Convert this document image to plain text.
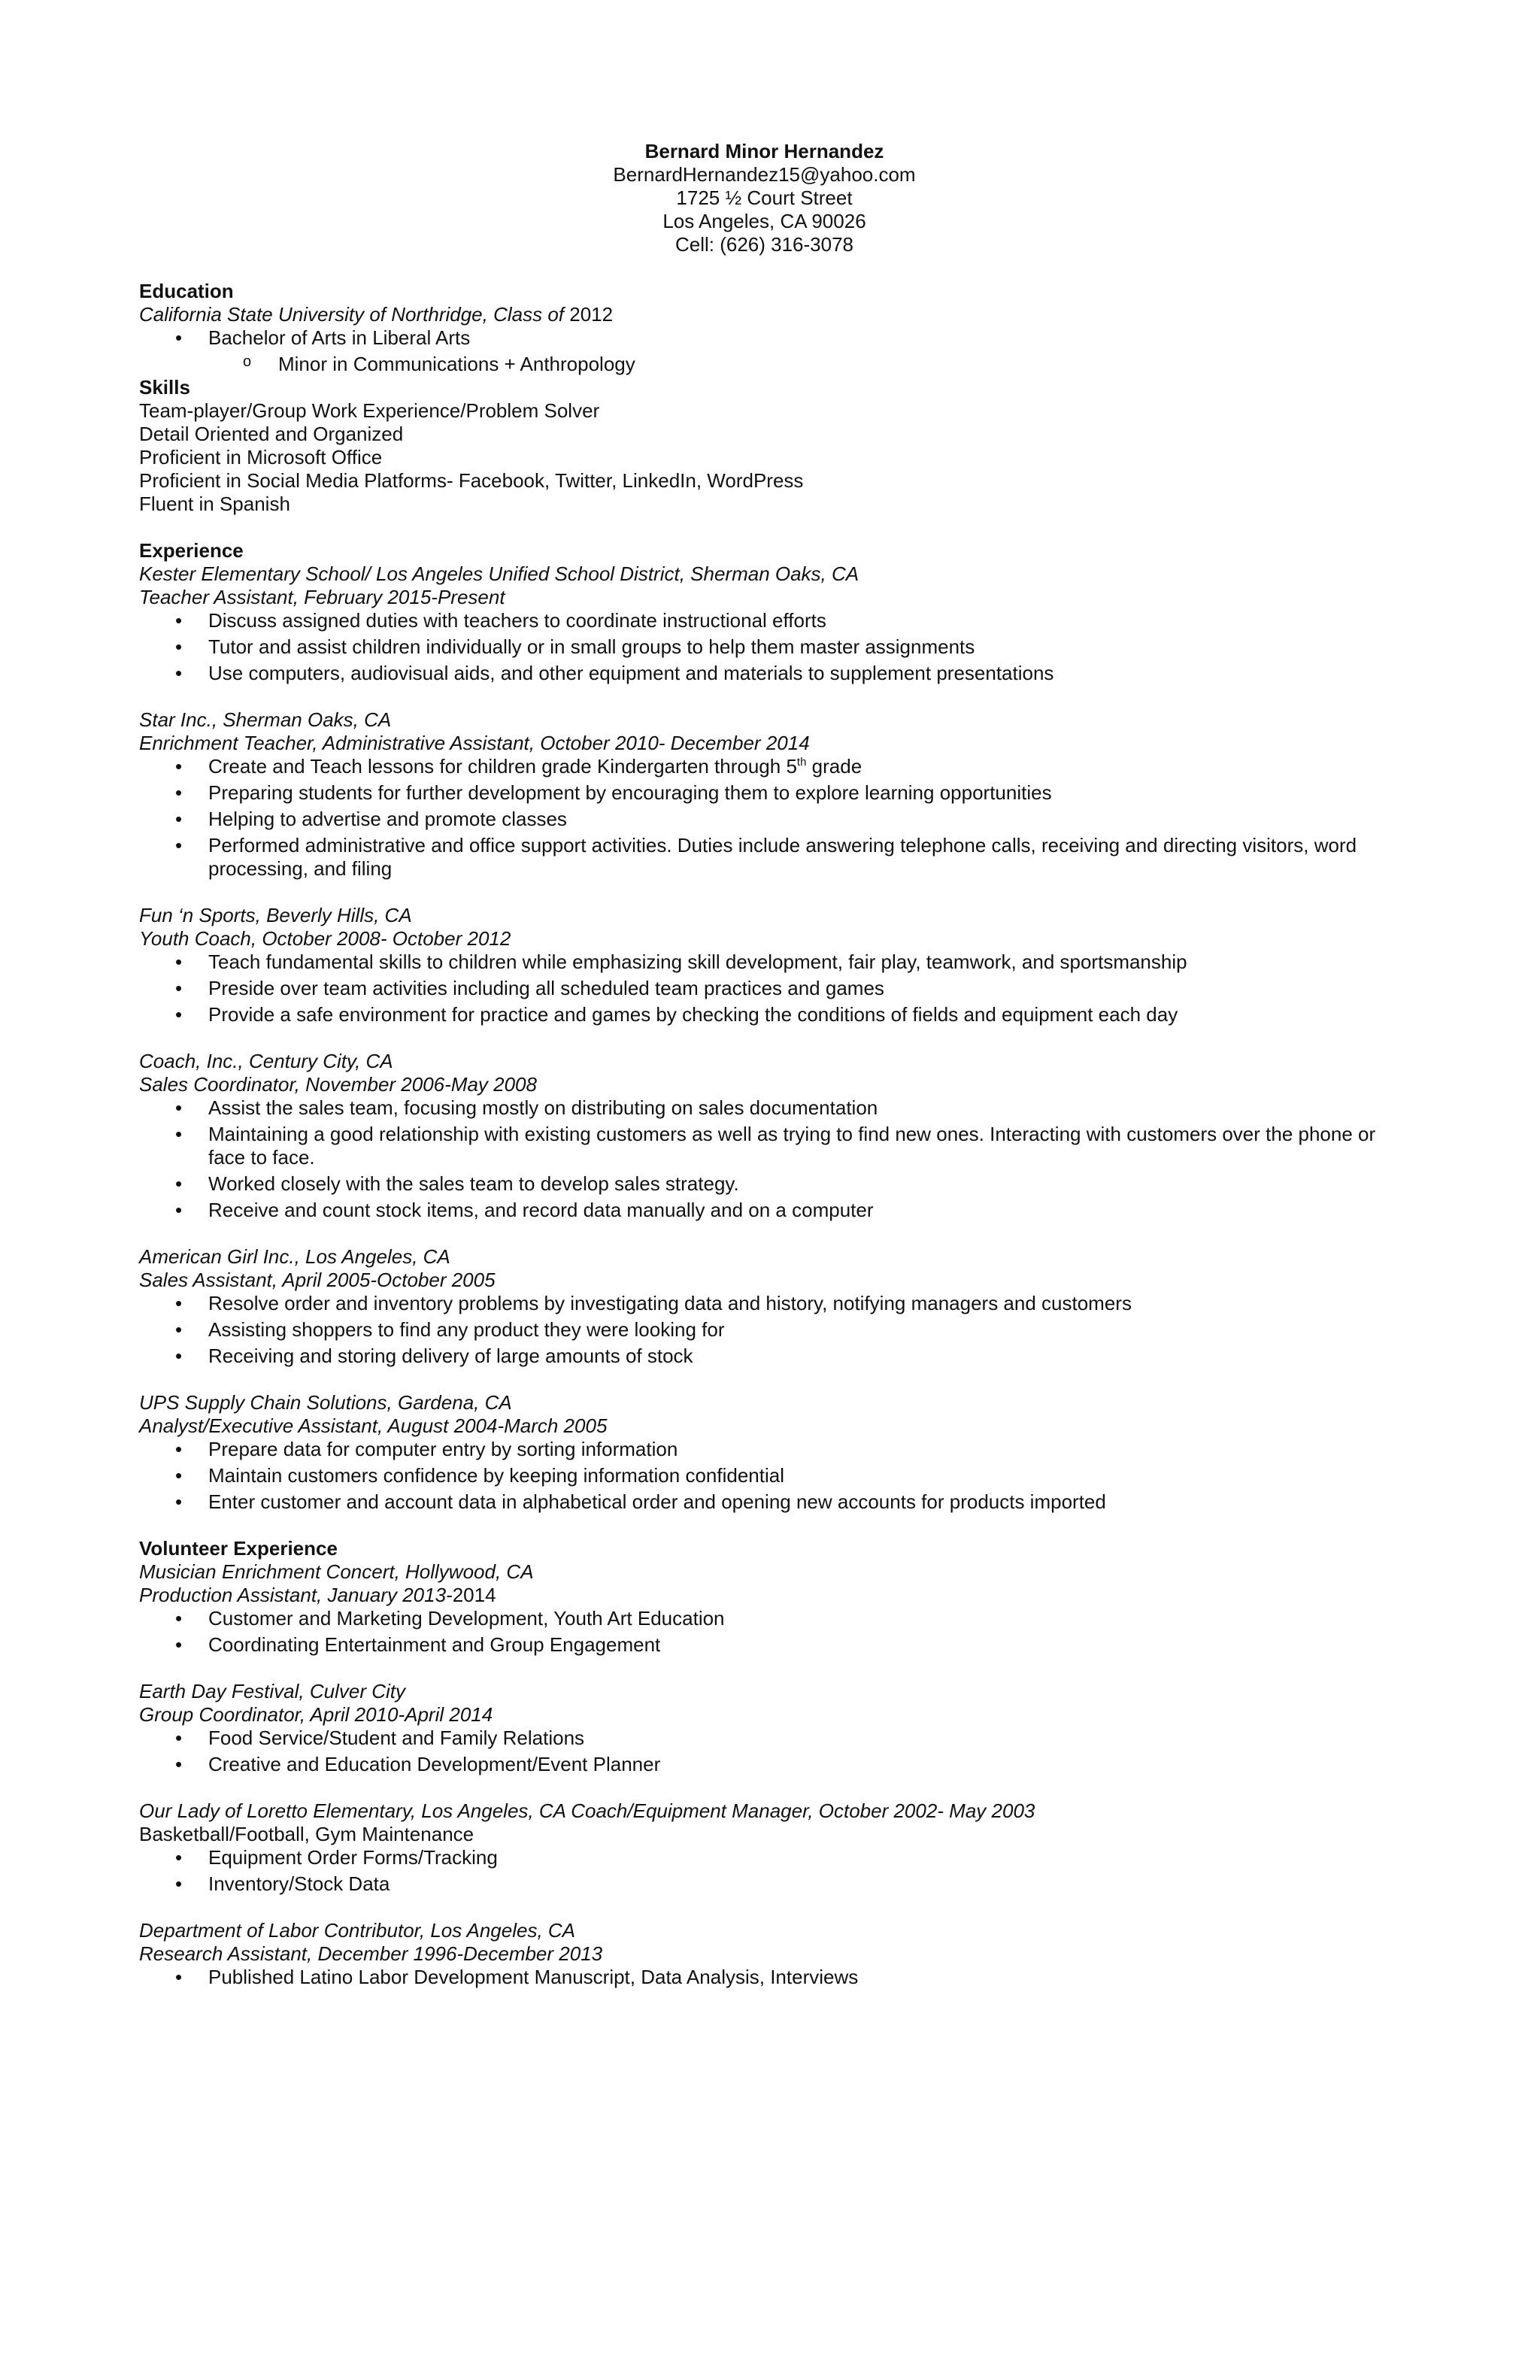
Bernard Minor Hernandez
BernardHernandez15@yahoo.com
1725 ½ Court Street
Los Angeles, CA 90026
Cell: (626) 316-3078
Education
California State University of Northridge, Class of 2012
• Bachelor of Arts in Liberal Arts
o Minor in Communications + Anthropology
Skills
Team-player/Group Work Experience/Problem Solver
Detail Oriented and Organized
Proficient in Microsoft Office
Proficient in Social Media Platforms- Facebook, Twitter, LinkedIn, WordPress
Fluent in Spanish
Experience
Kester Elementary School/ Los Angeles Unified School District, Sherman Oaks, CA
Teacher Assistant, February 2015-Present
• Discuss assigned duties with teachers to coordinate instructional efforts
• Tutor and assist children individually or in small groups to help them master assignments
• Use computers, audiovisual aids, and other equipment and materials to supplement presentations
Star Inc., Sherman Oaks, CA
Enrichment Teacher, Administrative Assistant, October 2010- December 2014
• Create and Teach lessons for children grade Kindergarten through 5th grade
• Preparing students for further development by encouraging them to explore learning opportunities
• Helping to advertise and promote classes
• Performed administrative and office support activities. Duties include answering telephone calls, receiving and directing visitors, word processing, and filing
Fun ‘n Sports, Beverly Hills, CA
Youth Coach, October 2008- October 2012
• Teach fundamental skills to children while emphasizing skill development, fair play, teamwork, and sportsmanship
• Preside over team activities including all scheduled team practices and games
• Provide a safe environment for practice and games by checking the conditions of fields and equipment each day
Coach, Inc., Century City, CA
Sales Coordinator, November 2006-May 2008
• Assist the sales team, focusing mostly on distributing on sales documentation
• Maintaining a good relationship with existing customers as well as trying to find new ones. Interacting with customers over the phone or face to face.
• Worked closely with the sales team to develop sales strategy.
• Receive and count stock items, and record data manually and on a computer
American Girl Inc., Los Angeles, CA
Sales Assistant, April 2005-October 2005
• Resolve order and inventory problems by investigating data and history, notifying managers and customers
• Assisting shoppers to find any product they were looking for
• Receiving and storing delivery of large amounts of stock
UPS Supply Chain Solutions, Gardena, CA
Analyst/Executive Assistant, August 2004-March 2005
• Prepare data for computer entry by sorting information
• Maintain customers confidence by keeping information confidential
• Enter customer and account data in alphabetical order and opening new accounts for products imported
Volunteer Experience
Musician Enrichment Concert, Hollywood, CA
Production Assistant, January 2013-2014
• Customer and Marketing Development, Youth Art Education
• Coordinating Entertainment and Group Engagement
Earth Day Festival, Culver City
Group Coordinator, April 2010-April 2014
• Food Service/Student and Family Relations
• Creative and Education Development/Event Planner
Our Lady of Loretto Elementary, Los Angeles, CA Coach/Equipment Manager, October 2002- May 2003
Basketball/Football, Gym Maintenance
• Equipment Order Forms/Tracking
• Inventory/Stock Data
Department of Labor Contributor, Los Angeles, CA
Research Assistant, December 1996-December 2013
• Published Latino Labor Development Manuscript, Data Analysis, Interviews
